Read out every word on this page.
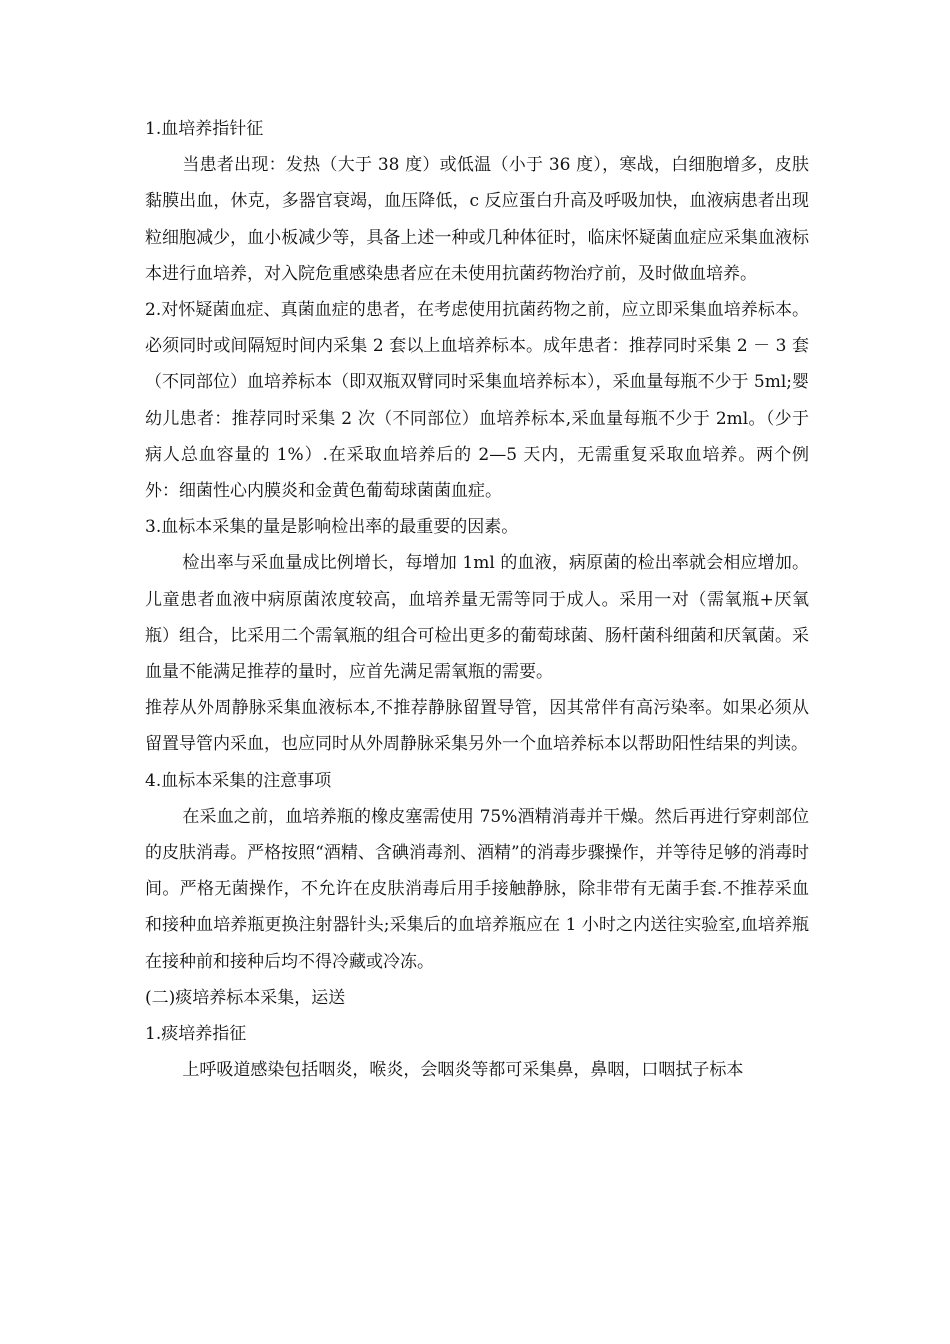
1.血培养指针征

当患者出现：发热（大于 38 度）或低温（小于 36 度），寒战，白细胞增多，皮肤黏膜出血，休克，多器官衰竭，血压降低，c 反应蛋白升高及呼吸加快，血液病患者出现粒细胞减少，血小板减少等，具备上述一种或几种体征时，临床怀疑菌血症应采集血液标本进行血培养，对入院危重感染患者应在未使用抗菌药物治疗前，及时做血培养。

2.对怀疑菌血症、真菌血症的患者，在考虑使用抗菌药物之前，应立即采集血培养标本。必须同时或间隔短时间内采集 2 套以上血培养标本。成年患者：推荐同时采集 2 － 3 套（不同部位）血培养标本（即双瓶双臂同时采集血培养标本），采血量每瓶不少于 5ml;婴幼儿患者：推荐同时采集 2 次（不同部位）血培养标本,采血量每瓶不少于 2ml。（少于病人总血容量的 1%）.在采取血培养后的 2—5 天内，无需重复采取血培养。两个例外：细菌性心内膜炎和金黄色葡萄球菌菌血症。

3.血标本采集的量是影响检出率的最重要的因素。

检出率与采血量成比例增长，每增加 1ml 的血液，病原菌的检出率就会相应增加。儿童患者血液中病原菌浓度较高，血培养量无需等同于成人。采用一对（需氧瓶+厌氧瓶）组合，比采用二个需氧瓶的组合可检出更多的葡萄球菌、肠杆菌科细菌和厌氧菌。采血量不能满足推荐的量时，应首先满足需氧瓶的需要。

推荐从外周静脉采集血液标本,不推荐静脉留置导管，因其常伴有高污染率。如果必须从留置导管内采血，也应同时从外周静脉采集另外一个血培养标本以帮助阳性结果的判读。

4.血标本采集的注意事项

在采血之前，血培养瓶的橡皮塞需使用 75%酒精消毒并干燥。然后再进行穿刺部位的皮肤消毒。严格按照“酒精、含碘消毒剂、酒精”的消毒步骤操作，并等待足够的消毒时间。严格无菌操作，不允许在皮肤消毒后用手接触静脉，除非带有无菌手套.不推荐采血和接种血培养瓶更换注射器针头;采集后的血培养瓶应在 1 小时之内送往实验室,血培养瓶在接种前和接种后均不得冷藏或冷冻。

(二)痰培养标本采集，运送

1.痰培养指征

上呼吸道感染包括咽炎，喉炎，会咽炎等都可采集鼻，鼻咽，口咽拭子标本
